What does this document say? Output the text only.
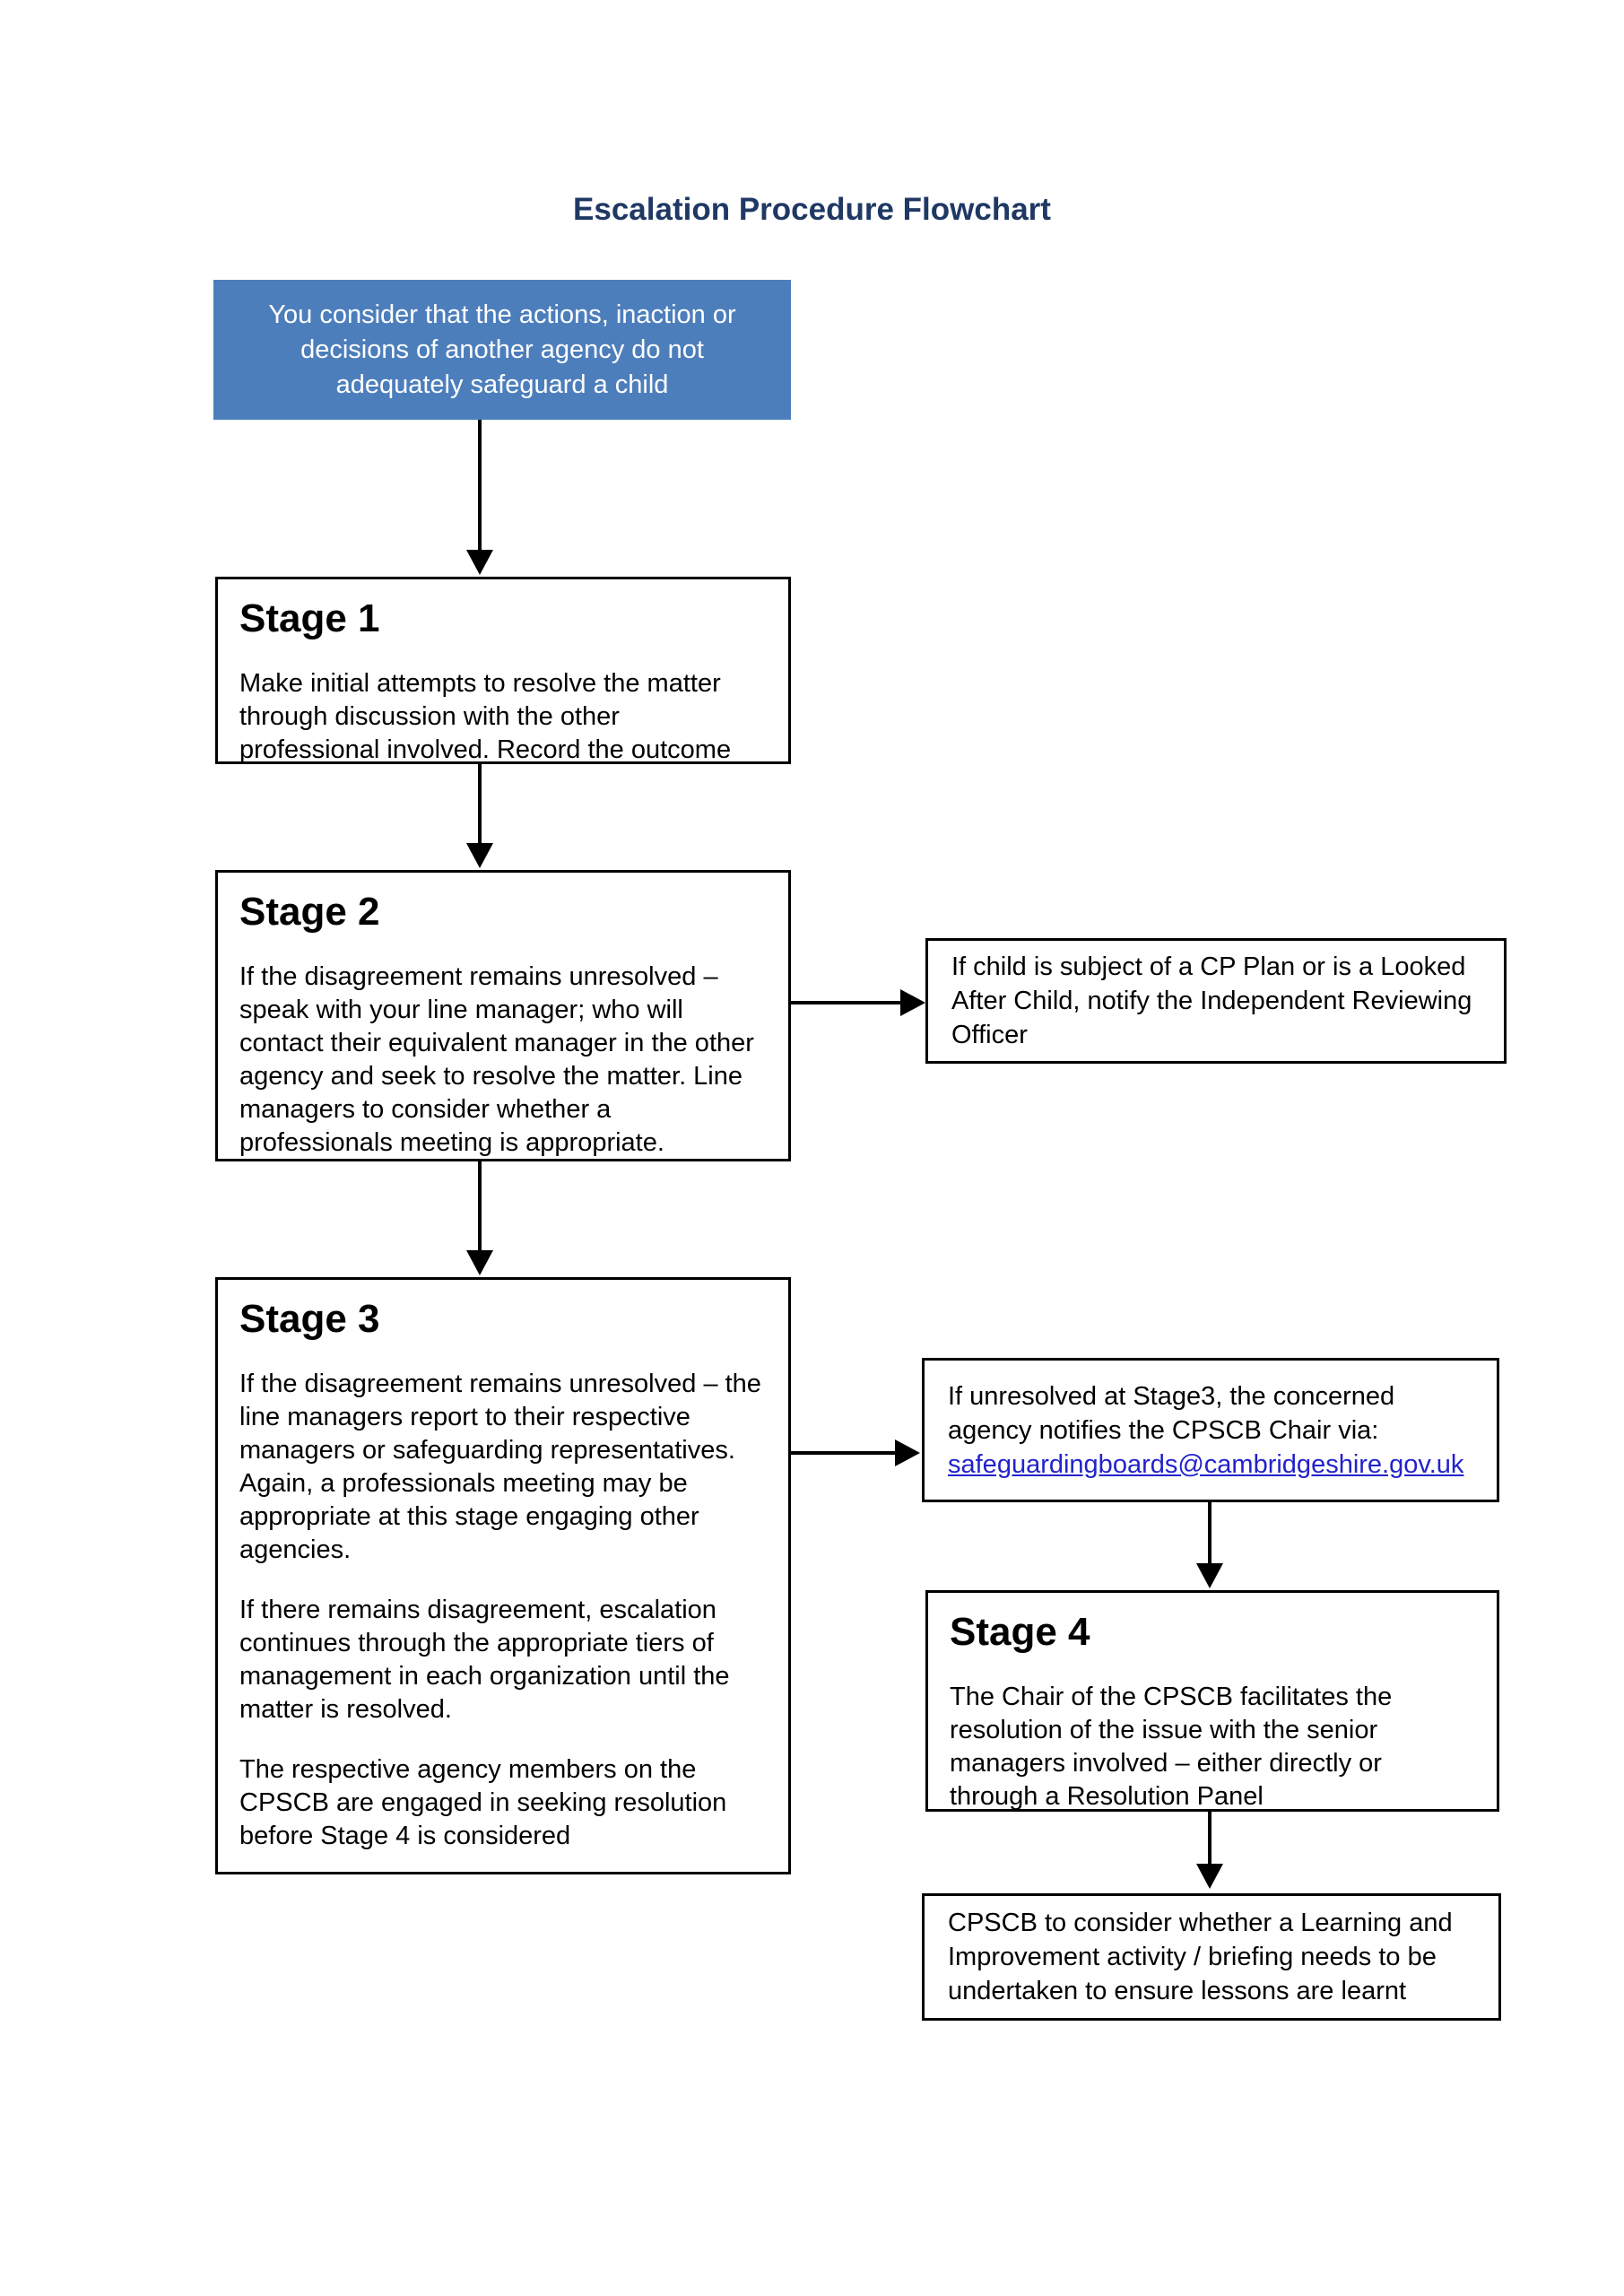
Escalation Procedure Flowchart
You consider that the actions, inaction or decisions of another agency do not adequately safeguard a child
Stage 1
Make initial attempts to resolve the matter through discussion with the other professional involved. Record the outcome
Stage 2
If the disagreement remains unresolved – speak with your line manager; who will contact their equivalent manager in the other agency and seek to resolve the matter. Line managers to consider whether a professionals meeting is appropriate.
If child is subject of a CP Plan or is a Looked After Child, notify the Independent Reviewing Officer
Stage 3

If the disagreement remains unresolved – the line managers report to their respective managers or safeguarding representatives. Again, a professionals meeting may be appropriate at this stage engaging other agencies.

If there remains disagreement, escalation continues through the appropriate tiers of management in each organization until the matter is resolved.

The respective agency members on the CPSCB are engaged in seeking resolution before Stage 4 is considered

If unresolved at Stage3, the concerned agency notifies the CPSCB Chair via: safeguardingboards@cambridgeshire.gov.uk
Stage 4
The Chair of the CPSCB facilitates the resolution of the issue with the senior managers involved – either directly or through a Resolution Panel
CPSCB to consider whether a Learning and Improvement activity / briefing needs to be undertaken to ensure lessons are learnt
